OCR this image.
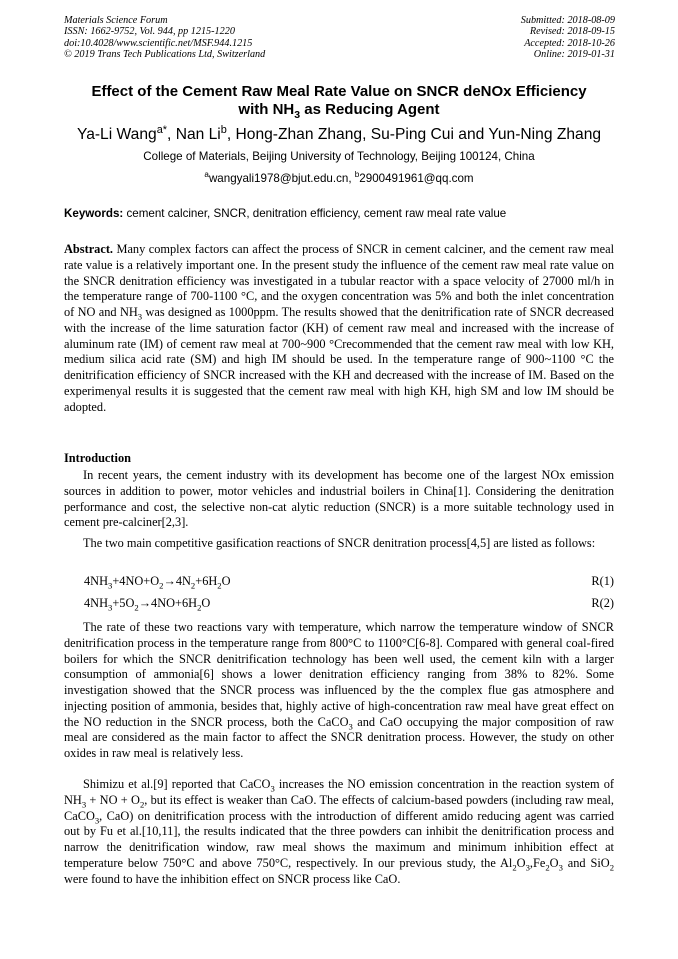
Materials Science Forum
ISSN: 1662-9752, Vol. 944, pp 1215-1220
doi:10.4028/www.scientific.net/MSF.944.1215
© 2019 Trans Tech Publications Ltd, Switzerland
Submitted: 2018-08-09
Revised: 2018-09-15
Accepted: 2018-10-26
Online: 2019-01-31
Effect of the Cement Raw Meal Rate Value on SNCR deNOx Efficiency
with $NH_3$ as Reducing Agent
Ya-Li Wang$^{a*}$, Nan Li$^b$, Hong-Zhan Zhang, Su-Ping Cui and Yun-Ning Zhang
College of Materials, Beijing University of Technology, Beijing 100124, China
$^a$wangyali1978@bjut.edu.cn, $^b$2900491961@qq.com
Keywords: cement calciner, SNCR, denitration efficiency, cement raw meal rate value

Abstract. Many complex factors can affect the process of SNCR in cement calciner, and the cement raw meal rate value is a relatively important one. In the present study the influence of the cement raw meal rate value on the SNCR denitration efficiency was investigated in a tubular reactor with a space velocity of 27000 ml/h in the temperature range of 700-1100 °C, and the oxygen concentration was 5% and both the inlet concentration of NO and $NH_3$ was designed as 1000ppm. The results showed that the denitrification rate of SNCR decreased with the increase of the lime saturation factor (KH) of cement raw meal and increased with the increase of aluminum rate (IM) of cement raw meal at 700~900 °Crecommended that the cement raw meal with low KH, medium silica acid rate (SM) and high IM should be used. In the temperature range of 900~1100 °C the denitrification efficiency of SNCR increased with the KH and decreased with the increase of IM. Based on the experimenyal results it is suggested that the cement raw meal with high KH, high SM and low IM should be adopted.

Introduction

In recent years, the cement industry with its development has become one of the largest NOx emission sources in addition to power, motor vehicles and industrial boilers in China[1]. Considering the denitration performance and cost, the selective non-cat alytic reduction (SNCR) is a more suitable technology used in cement pre-calciner[2,3].

The two main competitive gasification reactions of SNCR denitration process[4,5] are listed as follows:

$4NH_3+4NO+O_2\to 4N_2+6H_2O$	R(1)
$4NH_3+5O_2\to 4NO+6H_2O$	R(2)

The rate of these two reactions vary with temperature, which narrow the temperature window of SNCR denitrification process in the temperature range from 800°C to 1100°C[6-8]. Compared with general coal-fired boilers for which the SNCR denitrification technology has been well used, the cement kiln with a larger consumption of ammonia[6] shows a lower denitration efficiency ranging from 38% to 82%. Some investigation showed that the SNCR process was influenced by the the complex flue gas atmosphere and injecting position of ammonia, besides that, highly active of high-concentration raw meal have great effect on the NO reduction in the SNCR process, both the CaCO$_3$ and CaO occupying the major composition of raw meal are considered as the main factor to affect the SNCR denitration process. However, the study on other oxides in raw meal is relatively less.

Shimizu et al.[9] reported that CaCO$_3$ increases the NO emission concentration in the reaction system of $NH_3$ + NO + $O_2$, but its effect is weaker than CaO. The effects of calcium-based powders (including raw meal, CaCO$_3$, CaO) on denitrification process with the introduction of different amido reducing agent was carried out by Fu et al.[10,11], the results indicated that the three powders can inhibit the denitrification process and narrow the denitrification window, raw meal shows the maximum and minimum inhibition effect at temperature below 750°C and above 750°C, respectively. In our previous study, the $Al_2O_3,Fe_2O_3$ and SiO$_2$ were found to have the inhibition effect on SNCR process like CaO.
